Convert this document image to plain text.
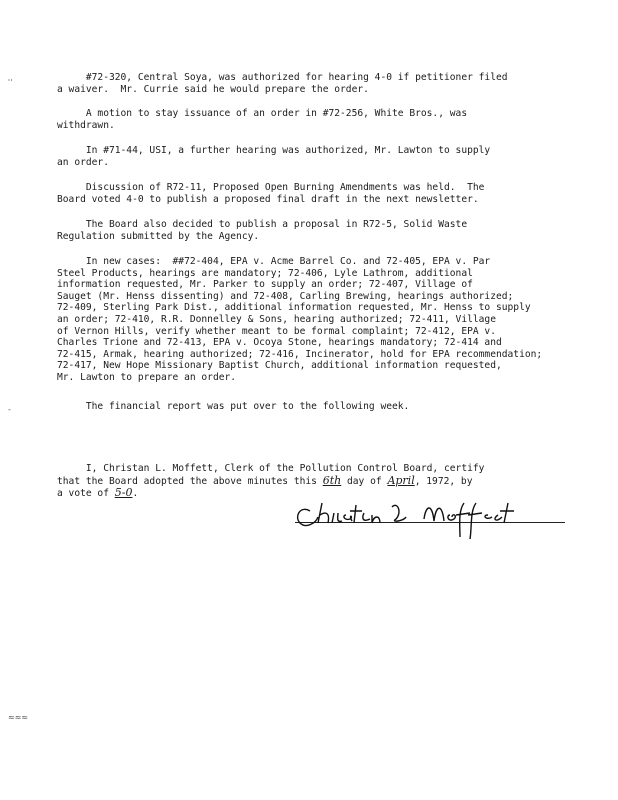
ʿʿ
-
≈≈≈

#72-320, Central Soya, was authorized for hearing 4-0 if petitioner filed
a waiver.  Mr. Currie said he would prepare the order.

A motion to stay issuance of an order in #72-256, White Bros., was
withdrawn.

In #71-44, USI, a further hearing was authorized, Mr. Lawton to supply
an order.

Discussion of R72-11, Proposed Open Burning Amendments was held.  The
Board voted 4-0 to publish a proposed final draft in the next newsletter.

The Board also decided to publish a proposal in R72-5, Solid Waste
Regulation submitted by the Agency.

In new cases:  ##72-404, EPA v. Acme Barrel Co. and 72-405, EPA v. Par
Steel Products, hearings are mandatory; 72-406, Lyle Lathrom, additional
information requested, Mr. Parker to supply an order; 72-407, Village of
Sauget (Mr. Henss dissenting) and 72-408, Carling Brewing, hearings authorized;
72-409, Sterling Park Dist., additional information requested, Mr. Henss to supply
an order; 72-410, R.R. Donnelley & Sons, hearing authorized; 72-411, Village
of Vernon Hills, verify whether meant to be formal complaint; 72-412, EPA v.
Charles Trione and 72-413, EPA v. Ocoya Stone, hearings mandatory; 72-414 and
72-415, Armak, hearing authorized; 72-416, Incinerator, hold for EPA recommendation;
72-417, New Hope Missionary Baptist Church, additional information requested,
Mr. Lawton to prepare an order.

The financial report was put over to the following week.

I, Christan L. Moffett, Clerk of the Pollution Control Board, certify
that the Board adopted the above minutes this 6th day of April, 1972, by
a vote of 5-0.
